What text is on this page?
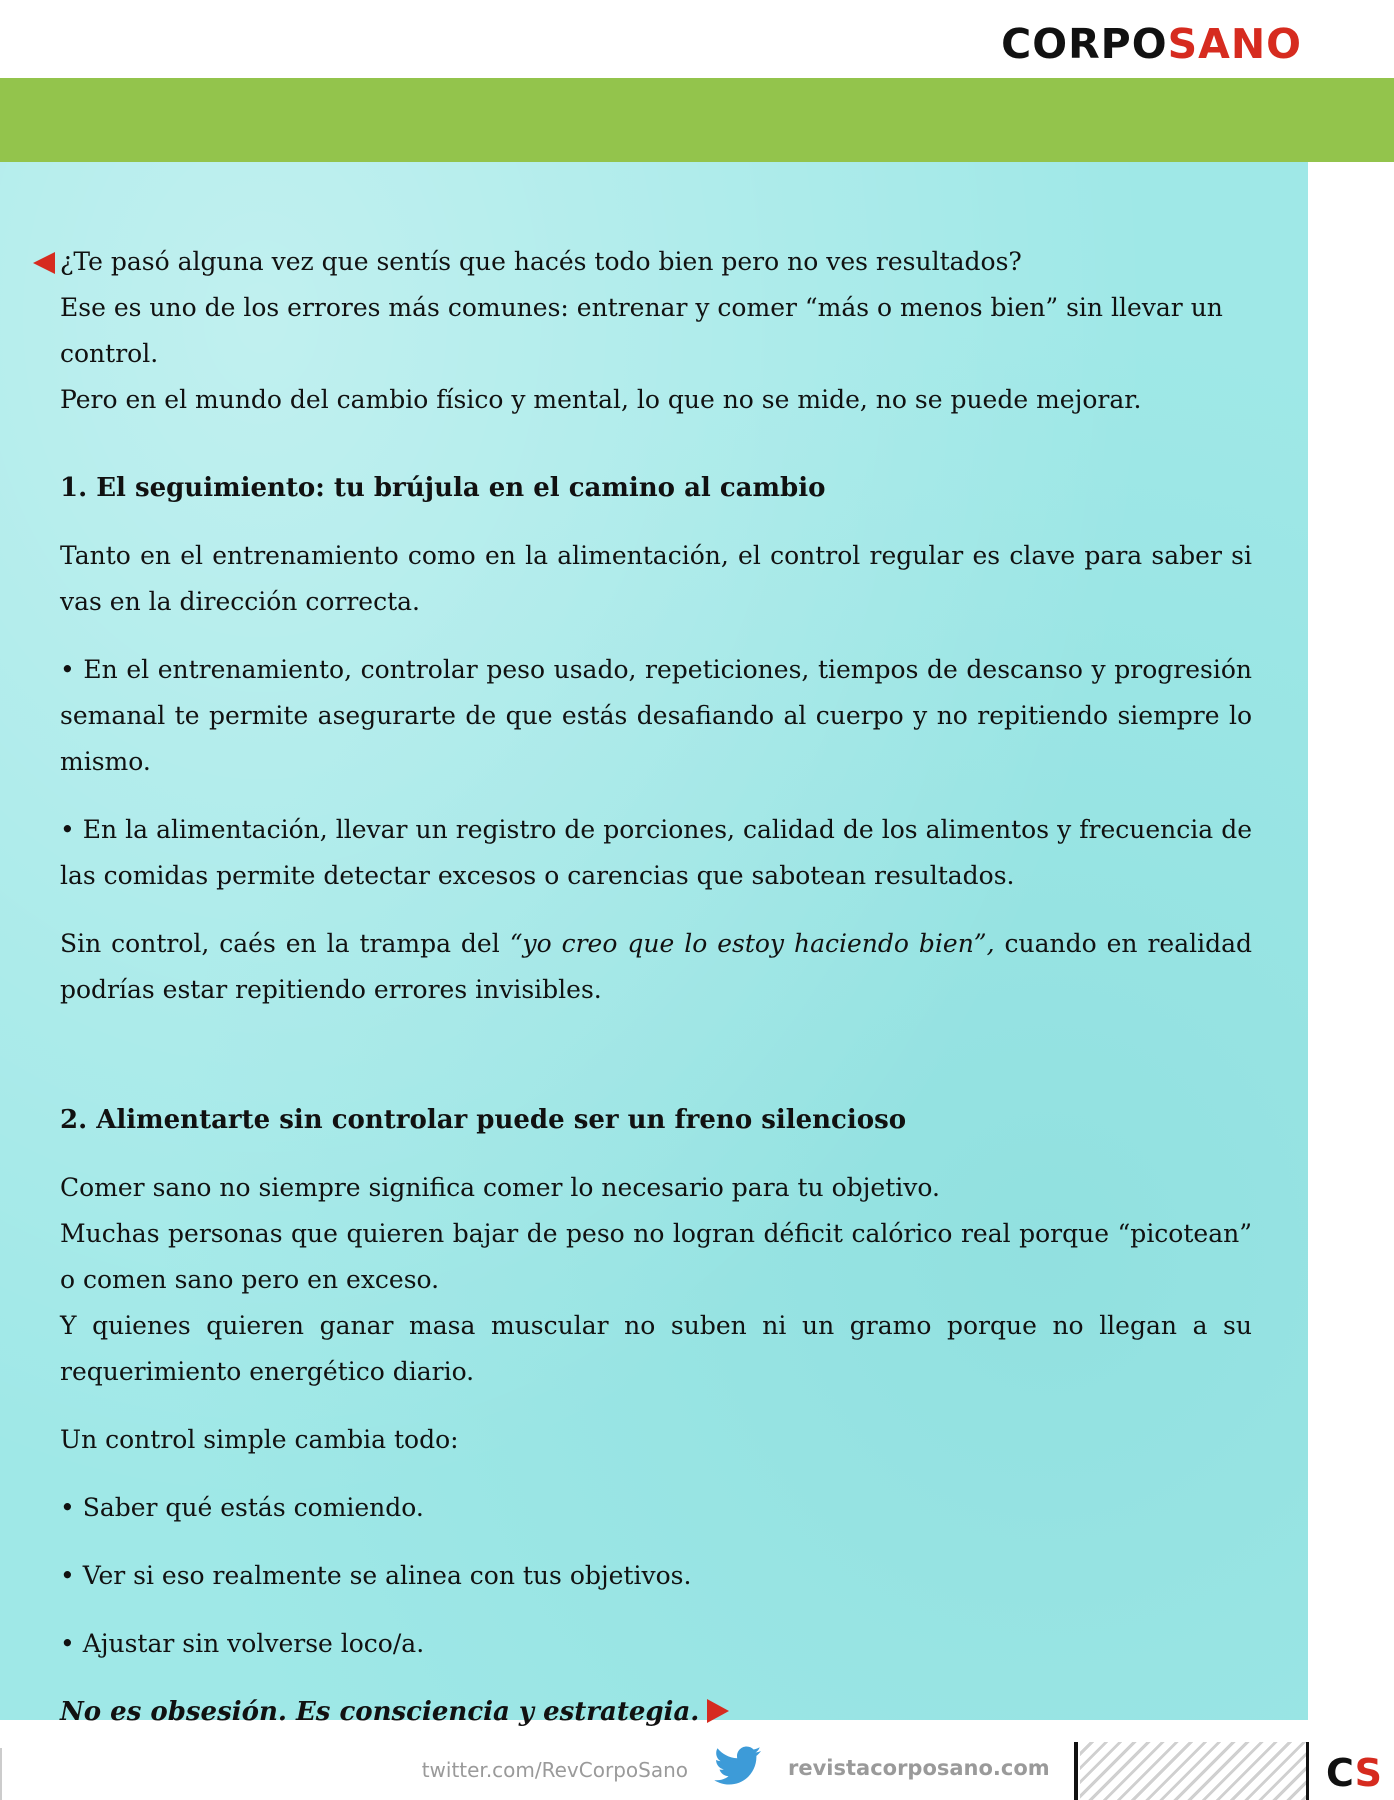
CORPOSANO

¿Te pasó alguna vez que sentís que hacés todo bien pero no ves resultados?

Ese es uno de los errores más comunes: entrenar y comer “más o menos bien” sin llevar un control.

Pero en el mundo del cambio físico y mental, lo que no se mide, no se puede mejorar.

1. El seguimiento: tu brújula en el camino al cambio

Tanto en el entrenamiento como en la alimentación, el control regular es clave para saber si vas en la dirección correcta.

• En el entrenamiento, controlar peso usado, repeticiones, tiempos de descanso y progresión semanal te permite asegurarte de que estás desafiando al cuerpo y no repitiendo siempre lo mismo.

• En la alimentación, llevar un registro de porciones, calidad de los alimentos y frecuencia de las comidas permite detectar excesos o carencias que sabotean resultados.

Sin control, caés en la trampa del “yo creo que lo estoy haciendo bien”, cuando en realidad podrías estar repitiendo errores invisibles.

2. Alimentarte sin controlar puede ser un freno silencioso

Comer sano no siempre significa comer lo necesario para tu objetivo.

Muchas personas que quieren bajar de peso no logran déficit calórico real porque “picotean” o comen sano pero en exceso.

Y quienes quieren ganar masa muscular no suben ni un gramo porque no llegan a su requerimiento energético diario.

Un control simple cambia todo:

• Saber qué estás comiendo.

• Ver si eso realmente se alinea con tus objetivos.

• Ajustar sin volverse loco/a.

No es obsesión. Es consciencia y estrategia.

twitter.com/RevCorpoSano	revistacorposano.com	CS
